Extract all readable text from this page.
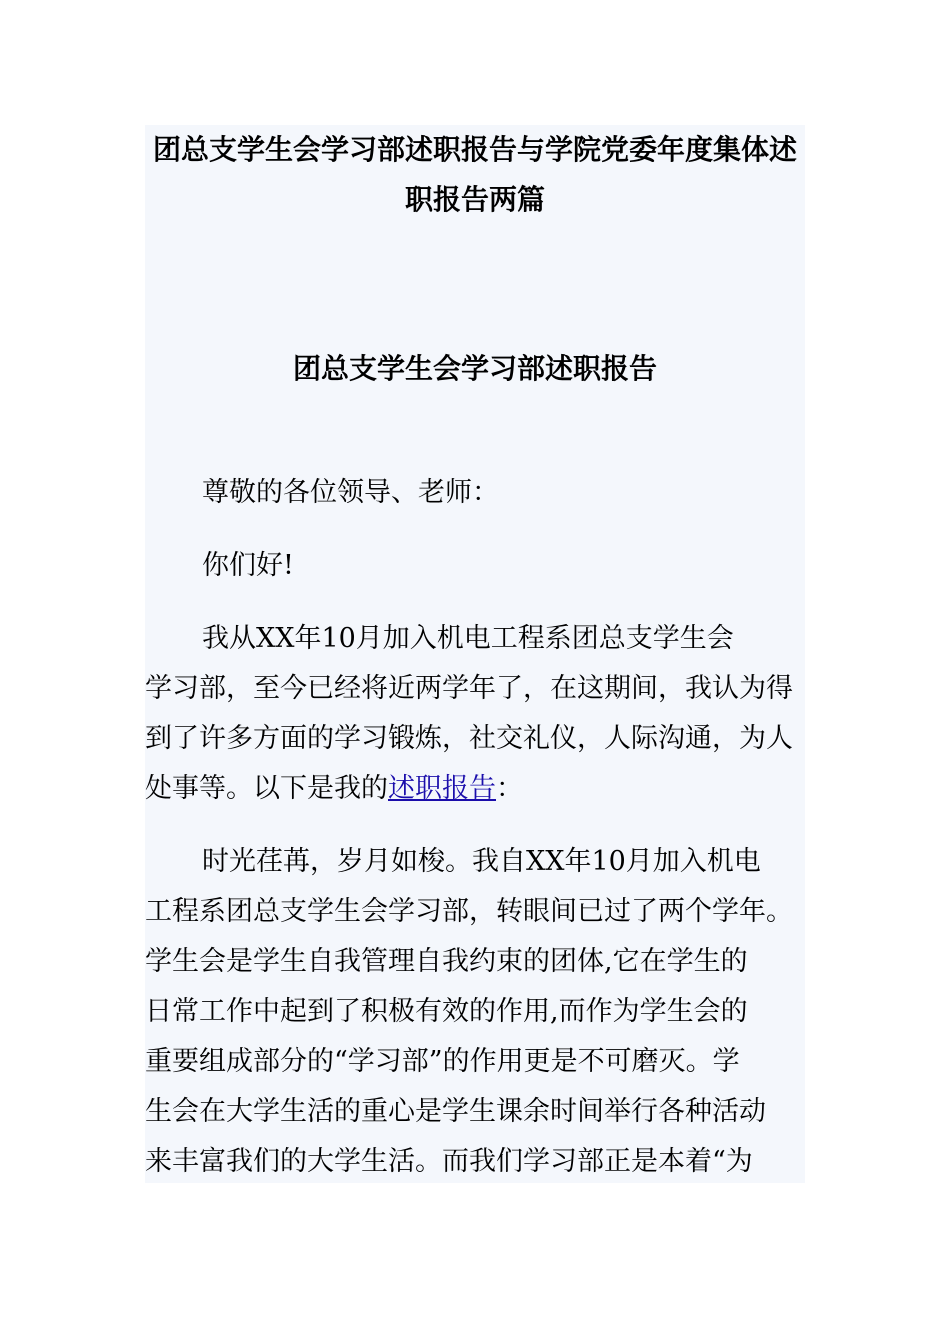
团总支学生会学习部述职报告与学院党委年度集体述
职报告两篇
团总支学生会学习部述职报告

尊敬的各位领导、老师：

你们好!

我从XX年10月加入机电工程系团总支学生会
学习部，至今已经将近两学年了，在这期间，我认为得
到了许多方面的学习锻炼，社交礼仪，人际沟通，为人
处事等。以下是我的述职报告：

时光荏苒，岁月如梭。我自XX年10月加入机电
工程系团总支学生会学习部，转眼间已过了两个学年。
学生会是学生自我管理自我约束的团体,它在学生的
日常工作中起到了积极有效的作用,而作为学生会的
重要组成部分的“学习部”的作用更是不可磨灭。学
生会在大学生活的重心是学生课余时间举行各种活动
来丰富我们的大学生活。而我们学习部正是本着“为
